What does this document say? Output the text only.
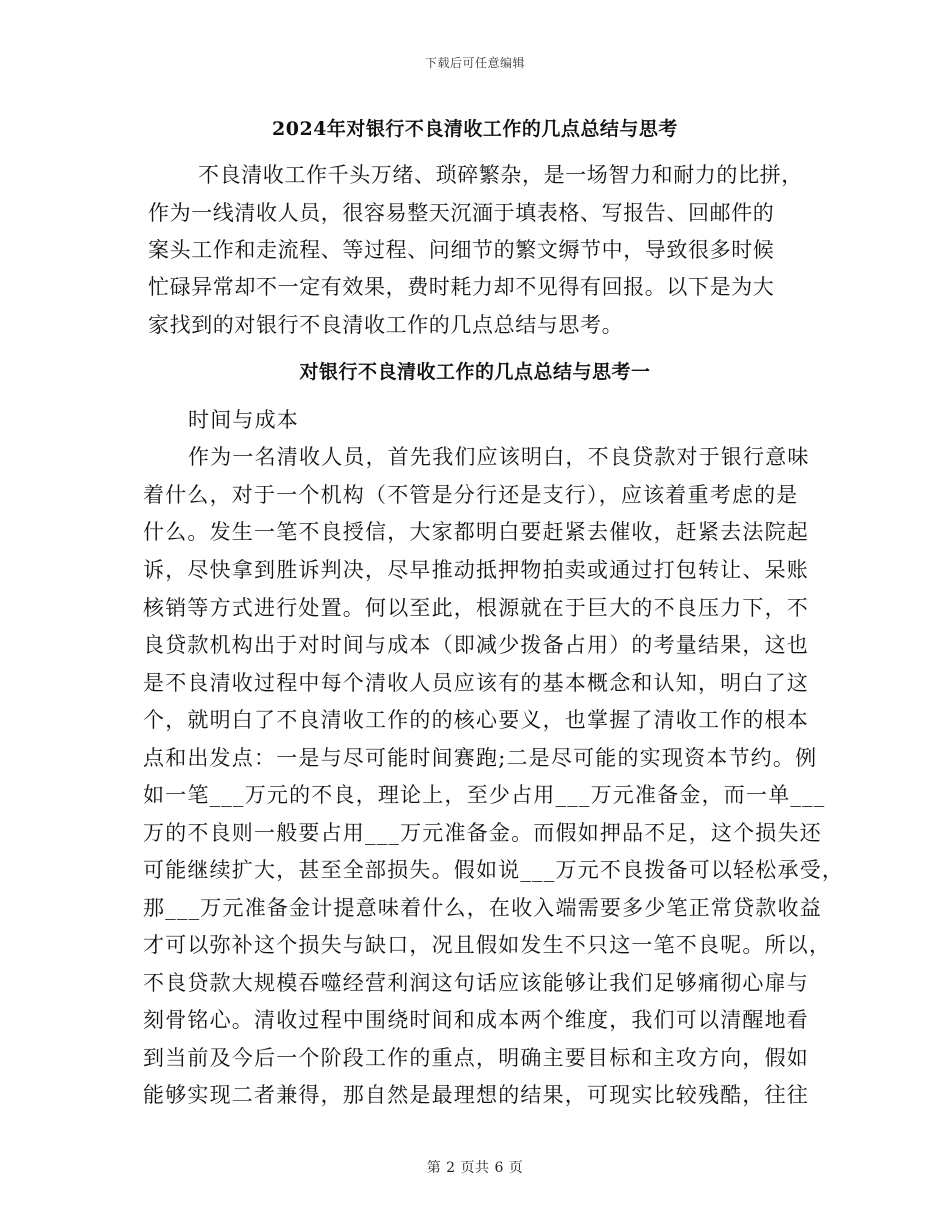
下载后可任意编辑
2024年对银行不良清收工作的几点总结与思考
不良清收工作千头万绪、琐碎繁杂，是一场智力和耐力的比拼，
作为一线清收人员，很容易整天沉湎于填表格、写报告、回邮件的
案头工作和走流程、等过程、问细节的繁文缛节中，导致很多时候
忙碌异常却不一定有效果，费时耗力却不见得有回报。以下是为大
家找到的对银行不良清收工作的几点总结与思考。
对银行不良清收工作的几点总结与思考一
时间与成本
作为一名清收人员，首先我们应该明白，不良贷款对于银行意味
着什么，对于一个机构（不管是分行还是支行），应该着重考虑的是
什么。发生一笔不良授信，大家都明白要赶紧去催收，赶紧去法院起
诉，尽快拿到胜诉判决，尽早推动抵押物拍卖或通过打包转让、呆账
核销等方式进行处置。何以至此，根源就在于巨大的不良压力下，不
良贷款机构出于对时间与成本（即减少拨备占用）的考量结果，这也
是不良清收过程中每个清收人员应该有的基本概念和认知，明白了这
个，就明白了不良清收工作的的核心要义，也掌握了清收工作的根本
点和出发点：一是与尽可能时间赛跑;二是尽可能的实现资本节约。例
如一笔___万元的不良，理论上，至少占用___万元准备金，而一单___
万的不良则一般要占用___万元准备金。而假如押品不足，这个损失还
可能继续扩大，甚至全部损失。假如说___万元不良拨备可以轻松承受，
那___万元准备金计提意味着什么，在收入端需要多少笔正常贷款收益
才可以弥补这个损失与缺口，况且假如发生不只这一笔不良呢。所以，
不良贷款大规模吞噬经营利润这句话应该能够让我们足够痛彻心扉与
刻骨铭心。清收过程中围绕时间和成本两个维度，我们可以清醒地看
到当前及今后一个阶段工作的重点，明确主要目标和主攻方向，假如
能够实现二者兼得，那自然是最理想的结果，可现实比较残酷，往往
第 2 页共 6 页
